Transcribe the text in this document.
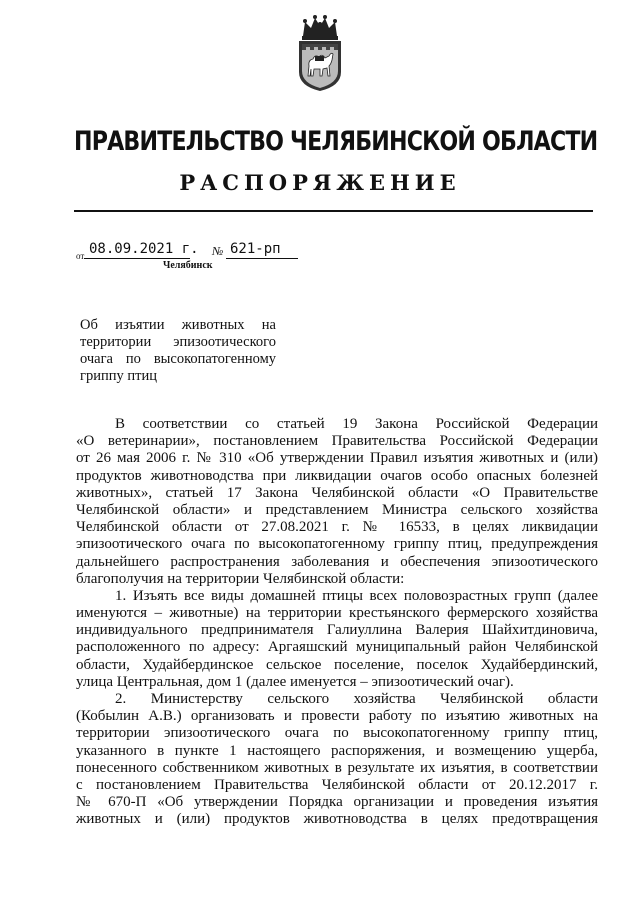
ПРАВИТЕЛЬСТВО ЧЕЛЯБИНСКОЙ ОБЛАСТИ
РАСПОРЯЖЕНИЕ
от 08.09.2021 г. № 621-рп
Челябинск
Об изъятии животных на территории эпизоотического очага по высокопатогенному гриппу птиц
В соответствии со статьей 19 Закона Российской Федерации
«О ветеринарии», постановлением Правительства Российской Федерации
от 26 мая 2006 г. № 310 «Об утверждении Правил изъятия животных и (или)
продуктов животноводства при ликвидации очагов особо опасных болезней
животных», статьей 17 Закона Челябинской области «О Правительстве
Челябинской области» и представлением Министра сельского хозяйства
Челябинской области от 27.08.2021 г. № 16533, в целях ликвидации
эпизоотического очага по высокопатогенному гриппу птиц, предупреждения
дальнейшего распространения заболевания и обеспечения эпизоотического
благополучия на территории Челябинской области:
1. Изъять все виды домашней птицы всех половозрастных групп (далее
именуются – животные) на территории крестьянского фермерского хозяйства
индивидуального предпринимателя Галиуллина Валерия Шайхитдиновича,
расположенного по адресу: Аргаяшский муниципальный район Челябинской
области, Худайбердинское сельское поселение, поселок Худайбердинский,
улица Центральная, дом 1 (далее именуется – эпизоотический очаг).
2. Министерству сельского хозяйства Челябинской области
(Кобылин А.В.) организовать и провести работу по изъятию животных на
территории эпизоотического очага по высокопатогенному гриппу птиц,
указанного в пункте 1 настоящего распоряжения, и возмещению ущерба,
понесенного собственником животных в результате их изъятия, в соответствии
с постановлением Правительства Челябинской области от 20.12.2017 г.
№ 670-П «Об утверждении Порядка организации и проведения изъятия
животных и (или) продуктов животноводства в целях предотвращения
